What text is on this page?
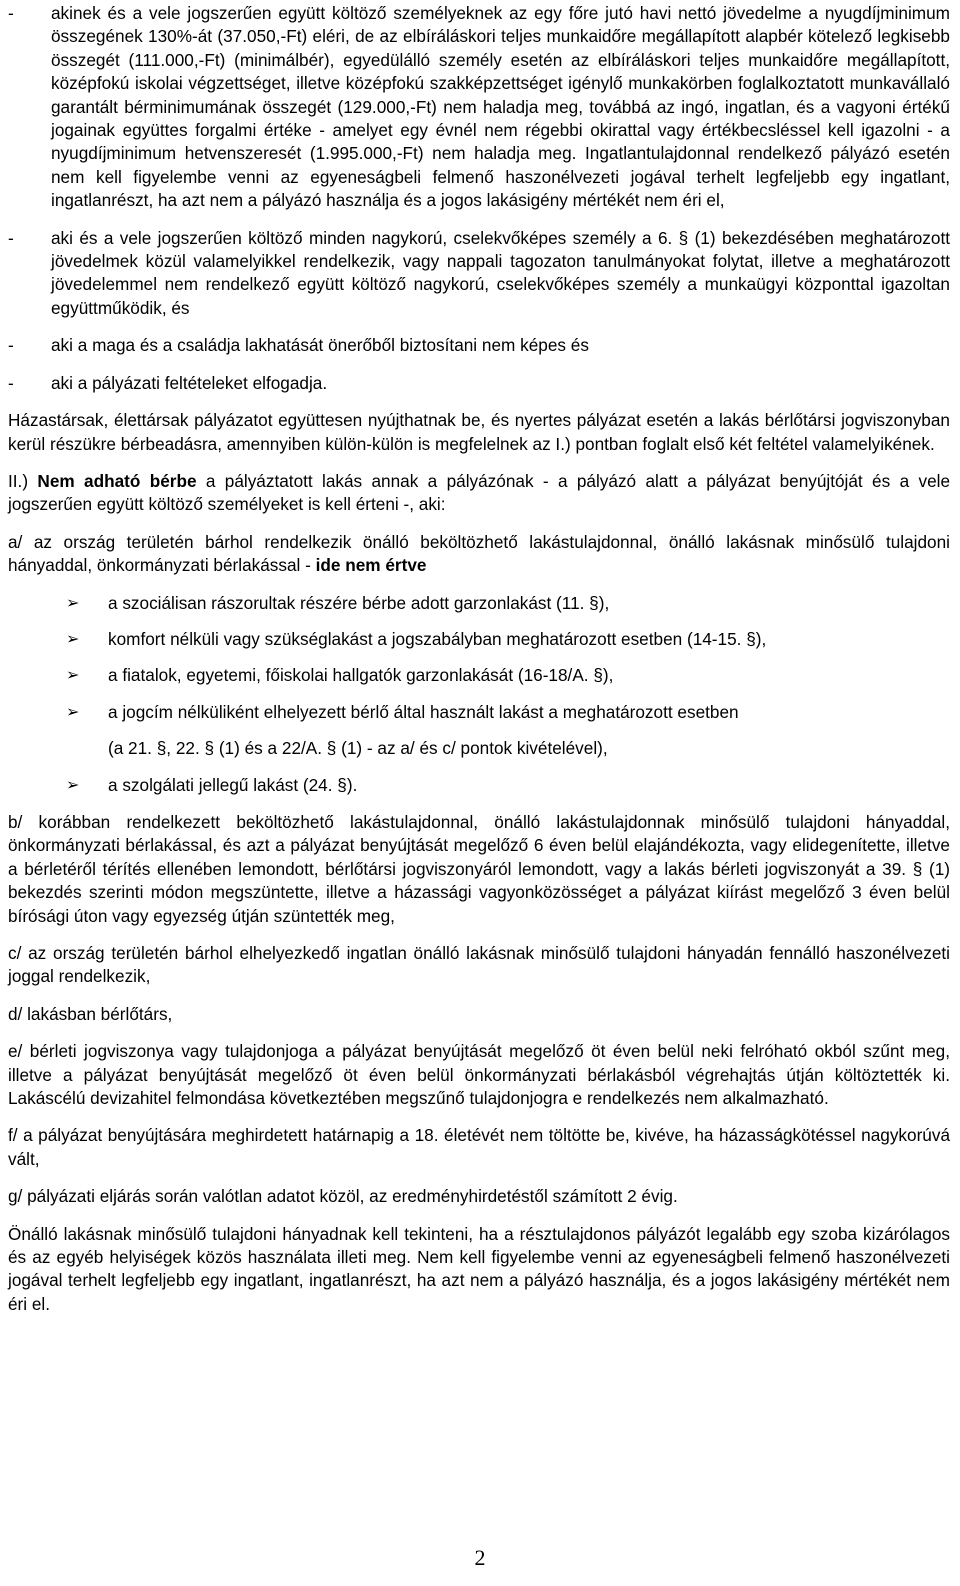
-	akinek és a vele jogszerűen együtt költöző személyeknek az egy főre jutó havi nettó jövedelme a nyugdíjminimum összegének 130%-át (37.050,-Ft) eléri, de az elbíráláskori teljes munkaidőre megállapított alapbér kötelező legkisebb összegét (111.000,-Ft) (minimálbér), egyedülálló személy esetén az elbíráláskori teljes munkaidőre megállapított, középfokú iskolai végzettséget, illetve középfokú szakképzettséget igénylő munkakörben foglalkoztatott munkavállaló garantált bérminimumának összegét (129.000,-Ft) nem haladja meg, továbbá az ingó, ingatlan, és a vagyoni értékű jogainak együttes forgalmi értéke - amelyet egy évnél nem régebbi okirattal vagy értékbecsléssel kell igazolni - a nyugdíjminimum hetvenszeresét (1.995.000,-Ft) nem haladja meg. Ingatlantulajdonnal rendelkező pályázó esetén nem kell figyelembe venni az egyeneságbeli felmenő haszonélvezeti jogával terhelt legfeljebb egy ingatlant, ingatlanrészt, ha azt nem a pályázó használja és a jogos lakásigény mértékét nem éri el,

-	aki és a vele jogszerűen költöző minden nagykorú, cselekvőképes személy a 6. § (1) bekezdésében meghatározott jövedelmek közül valamelyikkel rendelkezik, vagy nappali tagozaton tanulmányokat folytat, illetve a meghatározott jövedelemmel nem rendelkező együtt költöző nagykorú, cselekvőképes személy a munkaügyi központtal igazoltan együttműködik, és

-	aki a maga és a családja lakhatását önerőből biztosítani nem képes és

-	aki a pályázati feltételeket elfogadja.

Házastársak, élettársak pályázatot együttesen nyújthatnak be, és nyertes pályázat esetén a lakás bérlőtársi jogviszonyban kerül részükre bérbeadásra, amennyiben külön-külön is megfelelnek az I.) pontban foglalt első két feltétel valamelyikének.

II.) Nem adható bérbe a pályáztatott lakás annak a pályázónak - a pályázó alatt a pályázat benyújtóját és a vele jogszerűen együtt költöző személyeket is kell érteni -, aki:

a/ az ország területén bárhol rendelkezik önálló beköltözhető lakástulajdonnal, önálló lakásnak minősülő tulajdoni hányaddal, önkormányzati bérlakással - ide nem értve

➢	a szociálisan rászorultak részére bérbe adott garzonlakást (11. §),
➢	komfort nélküli vagy szükséglakást a jogszabályban meghatározott esetben (14-15. §),
➢	a fiatalok, egyetemi, főiskolai hallgatók garzonlakását (16-18/A. §),
➢	a jogcím nélküliként elhelyezett bérlő által használt lakást a meghatározott esetben
(a 21. §, 22. § (1) és a 22/A. § (1) - az a/ és c/ pontok kivételével),
➢	a szolgálati jellegű lakást (24. §).

b/ korábban rendelkezett beköltözhető lakástulajdonnal, önálló lakástulajdonnak minősülő tulajdoni hányaddal, önkormányzati bérlakással, és azt a pályázat benyújtását megelőző 6 éven belül elajándékozta, vagy elidegenítette, illetve a bérletéről térítés ellenében lemondott, bérlőtársi jogviszonyáról lemondott, vagy a lakás bérleti jogviszonyát a 39. § (1) bekezdés szerinti módon megszüntette, illetve a házassági vagyonközösséget a pályázat kiírást megelőző 3 éven belül bírósági úton vagy egyezség útján szüntették meg,

c/ az ország területén bárhol elhelyezkedő ingatlan önálló lakásnak minősülő tulajdoni hányadán fennálló haszonélvezeti joggal rendelkezik,

d/ lakásban bérlőtárs,

e/ bérleti jogviszonya vagy tulajdonjoga a pályázat benyújtását megelőző öt éven belül neki felróható okból szűnt meg, illetve a pályázat benyújtását megelőző öt éven belül önkormányzati bérlakásból végrehajtás útján költöztették ki. Lakáscélú devizahitel felmondása következtében megszűnő tulajdonjogra e rendelkezés nem alkalmazható.

f/ a pályázat benyújtására meghirdetett határnapig a 18. életévét nem töltötte be, kivéve, ha házasságkötéssel nagykorúvá vált,

g/ pályázati eljárás során valótlan adatot közöl, az eredményhirdetéstől számított 2 évig.

Önálló lakásnak minősülő tulajdoni hányadnak kell tekinteni, ha a résztulajdonos pályázót legalább egy szoba kizárólagos és az egyéb helyiségek közös használata illeti meg. Nem kell figyelembe venni az egyeneságbeli felmenő haszonélvezeti jogával terhelt legfeljebb egy ingatlant, ingatlanrészt, ha azt nem a pályázó használja, és a jogos lakásigény mértékét nem éri el.

2
